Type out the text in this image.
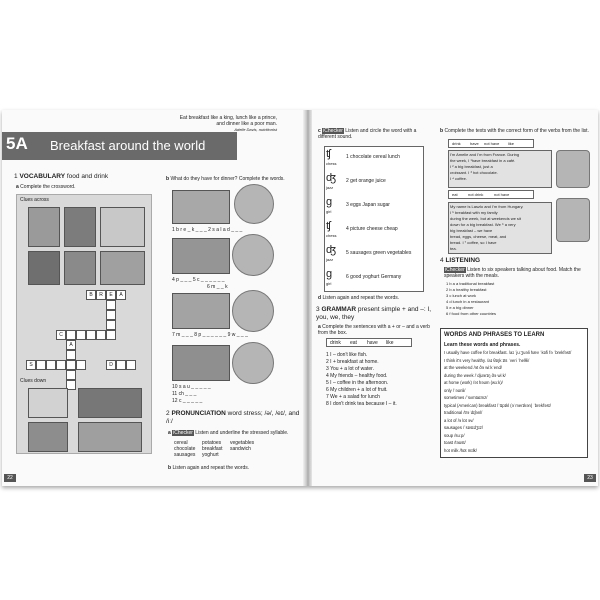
Eat breakfast like a king, lunch like a prince, and dinner like a poor man.
Adelle Davis, nutritionist
5A Breakfast around the world
1 VOCABULARY food and drink
a Complete the crossword.
Clues across
B	R	E	A
C
A
S	D
Clues down
b What do they have for dinner? Complete the words.
1 b r e _ k _ _ _ 2 s a l a d _ _ _
4 p _ _ _ 5 c _ _ _ _ _ _
6 m _ _ k
7 m _ _ _ 8 p _ _ _ _ _ _ 9 w _ _ _
10 s a u _ _ _ _ _
11 ch _ _ _
12 c _ _ _ _ _
2 PRONUNCIATION word stress; /ə/, /eɪ/, and /iː/
a iChecker Listen and underline the stressed syllable.
cereal	potatoes vegetables
chocolate breakfast sandwich
sausages yoghurt
b Listen again and repeat the words.
22
c iChecker Listen and circle the word with a different sound.
ʧ
chess
1 chocolate cereal lunch
ʤ
jazz
2 get orange juice
g
girl
3 eggs Japan sugar
ʧ
chess
4 picture cheese cheap
ʤ
jazz
5 sausages green vegetables
g
girl
6 good yoghurt Germany
d Listen again and repeat the words.
3 GRAMMAR present simple + and –: I, you, we, they
a Complete the sentences with a + or – and a verb from the box.
drink eat have like
1 I – don't like fish.
2 I + breakfast at home.
3 You + a lot of water.
4 My friends – healthy food.
5 I – coffee in the afternoon.
6 My children + a lot of fruit.
7 We + a salad for lunch
8 I don't drink tea because I – it.
b Complete the texts with the correct form of the verbs from the list.
drink have not have like
I'm Amelie and I'm from France. During
the week, I ¹have breakfast in a café.
I ² a big breakfast, just a
croissant. I ³ hot chocolate.
I ⁴ coffee.
eat	not drink	not have
My name is Laszlo and I'm from Hungary.
I ⁵ breakfast with my family
during the week, but at weekends we sit
down for a big breakfast. We ⁶ a very
big breakfast – we have
bread, eggs, cheese, meat, and
bread. I ⁷ coffee, so I have
tea.
4 LISTENING
iChecker Listen to six speakers talking about food. Match the speakers with the meals.
1 b a a traditional breakfast
2 b a healthy breakfast
3 c lunch at work
4 d lunch in a restaurant
5 e a big dinner
6 f food from other countries
WORDS AND PHRASES TO LEARN
Learn these words and phrases.
I usually have coffee for breakfast. /aɪ ˈjuːʒuəli hæv ˈkɒfi fə ˈbrekfəst/
I think it's very healthy. /aɪ θɪŋk ɪts ˈveri ˈhelθi/
at the weekend /ət ðə wiːkˈend/
during the week /ˈdjʊərɪŋ ðə wiːk/
at home (work) /ət həʊm (wɜːk)/
only /ˈəʊnli/
sometimes /ˈsʌmtaɪmz/
typical (American) breakfast /ˈtɪpɪkl (əˈmerɪkən) ˈbrekfəst/
traditional /trəˈdɪʃənl/
a lot of /ə lɒt əv/
sausages /ˈsɒsɪdʒɪz/
soup /suːp/
toast /təʊst/
hot milk /hɒt mɪlk/
23
